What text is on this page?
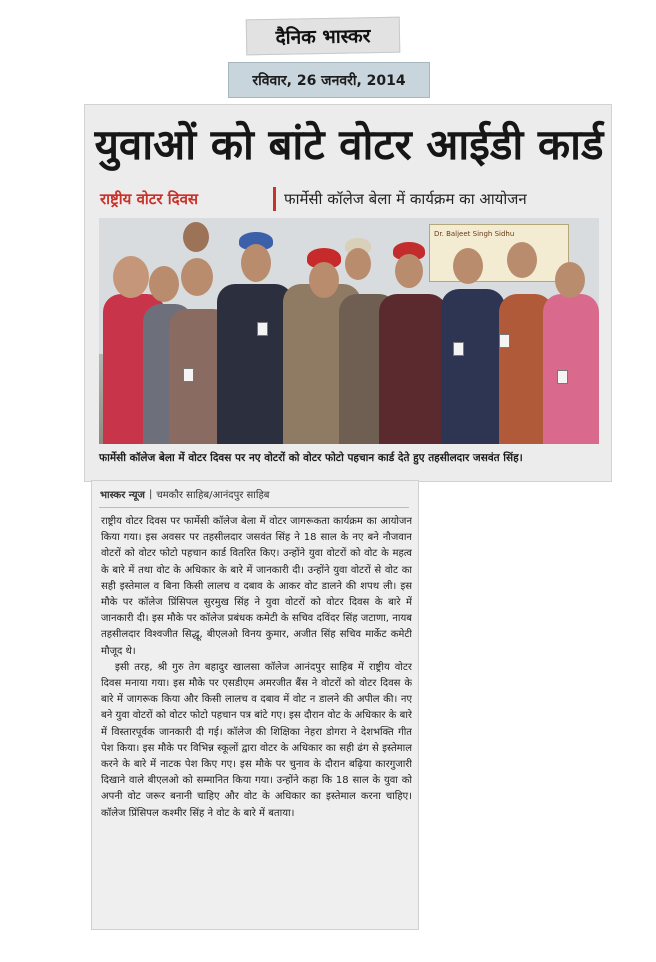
दैनिक भास्कर
रविवार, 26 जनवरी, 2014
युवाओं को बांटे वोटर आईडी कार्ड
राष्ट्रीय वोटर दिवस	फार्मेसी कॉलेज बेला में कार्यक्रम का आयोजन
Dr. Baljeet Singh Sidhu
फार्मेसी कॉलेज बेला में वोटर दिवस पर नए वोटरों को वोटर फोटो पहचान कार्ड देते हुए तहसीलदार जसवंत सिंह।
भास्कर न्यूज | चमकौर साहिब/आनंदपुर साहिब

राष्ट्रीय वोटर दिवस पर फार्मेसी कॉलेज बेला में वोटर जागरूकता कार्यक्रम का आयोजन किया गया। इस अवसर पर तहसीलदार जसवंत सिंह ने 18 साल के नए बने नौजवान वोटरों को वोटर फोटो पहचान कार्ड वितरित किए। उन्होंने युवा वोटरों को वोट के महत्व के बारे में तथा वोट के अधिकार के बारे में जानकारी दी। उन्होंने युवा वोटरों से वोट का सही इस्तेमाल व बिना किसी लालच व दबाव के आकर वोट डालने की शपथ ली। इस मौके पर कॉलेज प्रिंसिपल सुरमुख सिंह ने युवा वोटरों को वोटर दिवस के बारे में जानकारी दी। इस मौके पर कॉलेज प्रबंधक कमेटी के सचिव दविंदर सिंह जटाणा, नायब तहसीलदार विश्वजीत सिद्धू, बीएलओ विनय कुमार, अजीत सिंह सचिव मार्केट कमेटी मौजूद थे।

इसी तरह, श्री गुरु तेग बहादुर खालसा कॉलेज आनंदपुर साहिब में राष्ट्रीय वोटर दिवस मनाया गया। इस मौके पर एसडीएम अमरजीत बैंस ने वोटरों को वोटर दिवस के बारे में जागरूक किया और किसी लालच व दबाव में वोट न डालने की अपील की। नए बने युवा वोटरों को वोटर फोटो पहचान पत्र बांटे गए। इस दौरान वोट के अधिकार के बारे में विस्तारपूर्वक जानकारी दी गई। कॉलेज की शिक्षिका नेहरा डोगरा ने देशभक्ति गीत पेश किया। इस मौके पर विभिन्न स्कूलों द्वारा वोटर के अधिकार का सही ढंग से इस्तेमाल करने के बारे में नाटक पेश किए गए। इस मौके पर चुनाव के दौरान बढ़िया कारगुजारी दिखाने वाले बीएलओ को सम्मानित किया गया। उन्होंने कहा कि 18 साल के युवा को अपनी वोट जरूर बनानी चाहिए और वोट के अधिकार का इस्तेमाल करना चाहिए। कॉलेज प्रिंसिपल कश्मीर सिंह ने वोट के बारे में बताया।
